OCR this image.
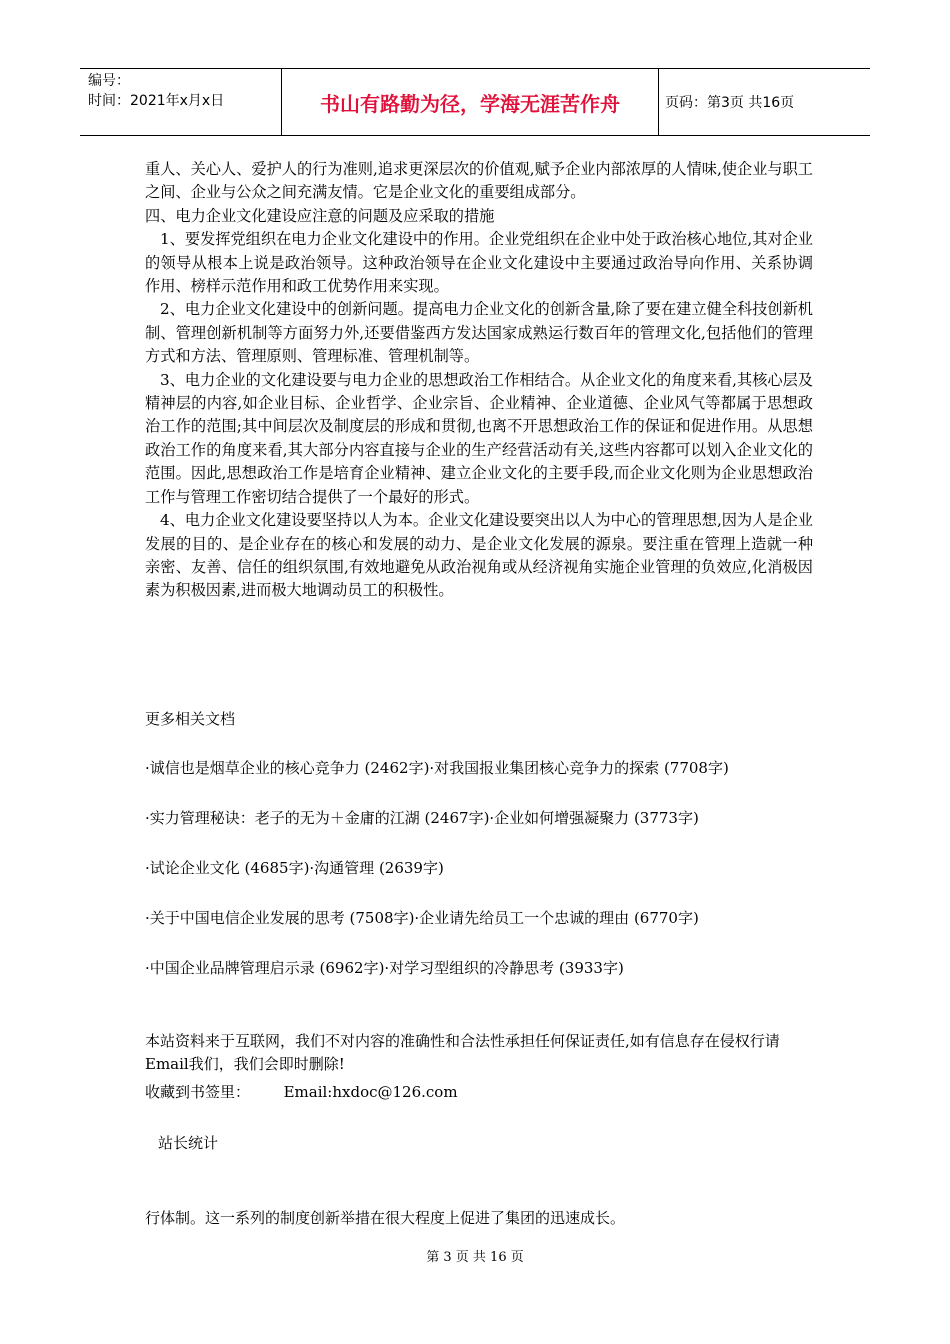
编号：
时间：2021年x月x日	书山有路勤为径，学海无涯苦作舟	页码：第3页 共16页

重人、关心人、爱护人的行为准则,追求更深层次的价值观,赋予企业内部浓厚的人情味,使企业与职工之间、企业与公众之间充满友情。它是企业文化的重要组成部分。

四、电力企业文化建设应注意的问题及应采取的措施

1、要发挥党组织在电力企业文化建设中的作用。企业党组织在企业中处于政治核心地位,其对企业的领导从根本上说是政治领导。这种政治领导在企业文化建设中主要通过政治导向作用、关系协调作用、榜样示范作用和政工优势作用来实现。

2、电力企业文化建设中的创新问题。提高电力企业文化的创新含量,除了要在建立健全科技创新机制、管理创新机制等方面努力外,还要借鉴西方发达国家成熟运行数百年的管理文化,包括他们的管理方式和方法、管理原则、管理标准、管理机制等。

3、电力企业的文化建设要与电力企业的思想政治工作相结合。从企业文化的角度来看,其核心层及精神层的内容,如企业目标、企业哲学、企业宗旨、企业精神、企业道德、企业风气等都属于思想政治工作的范围;其中间层次及制度层的形成和贯彻,也离不开思想政治工作的保证和促进作用。从思想政治工作的角度来看,其大部分内容直接与企业的生产经营活动有关,这些内容都可以划入企业文化的范围。因此,思想政治工作是培育企业精神、建立企业文化的主要手段,而企业文化则为企业思想政治工作与管理工作密切结合提供了一个最好的形式。

4、电力企业文化建设要坚持以人为本。企业文化建设要突出以人为中心的管理思想,因为人是企业发展的目的、是企业存在的核心和发展的动力、是企业文化发展的源泉。要注重在管理上造就一种亲密、友善、信任的组织氛围,有效地避免从政治视角或从经济视角实施企业管理的负效应,化消极因素为积极因素,进而极大地调动员工的积极性。

更多相关文档
·诚信也是烟草企业的核心竞争力 (2462字)·对我国报业集团核心竞争力的探索 (7708字)
·实力管理秘诀：老子的无为＋金庸的江湖 (2467字)·企业如何增强凝聚力 (3773字)
·试论企业文化 (4685字)·沟通管理 (2639字)
·关于中国电信企业发展的思考 (7508字)·企业请先给员工一个忠诚的理由 (6770字)
·中国企业品牌管理启示录 (6962字)·对学习型组织的冷静思考 (3933字)
本站资料来于互联网，我们不对内容的准确性和合法性承担任何保证责任,如有信息存在侵权行请Email我们，我们会即时删除!
收藏到书签里： Email:hxdoc@126.com
站长统计
行体制。这一系列的制度创新举措在很大程度上促进了集团的迅速成长。
第 3 页 共 16 页
